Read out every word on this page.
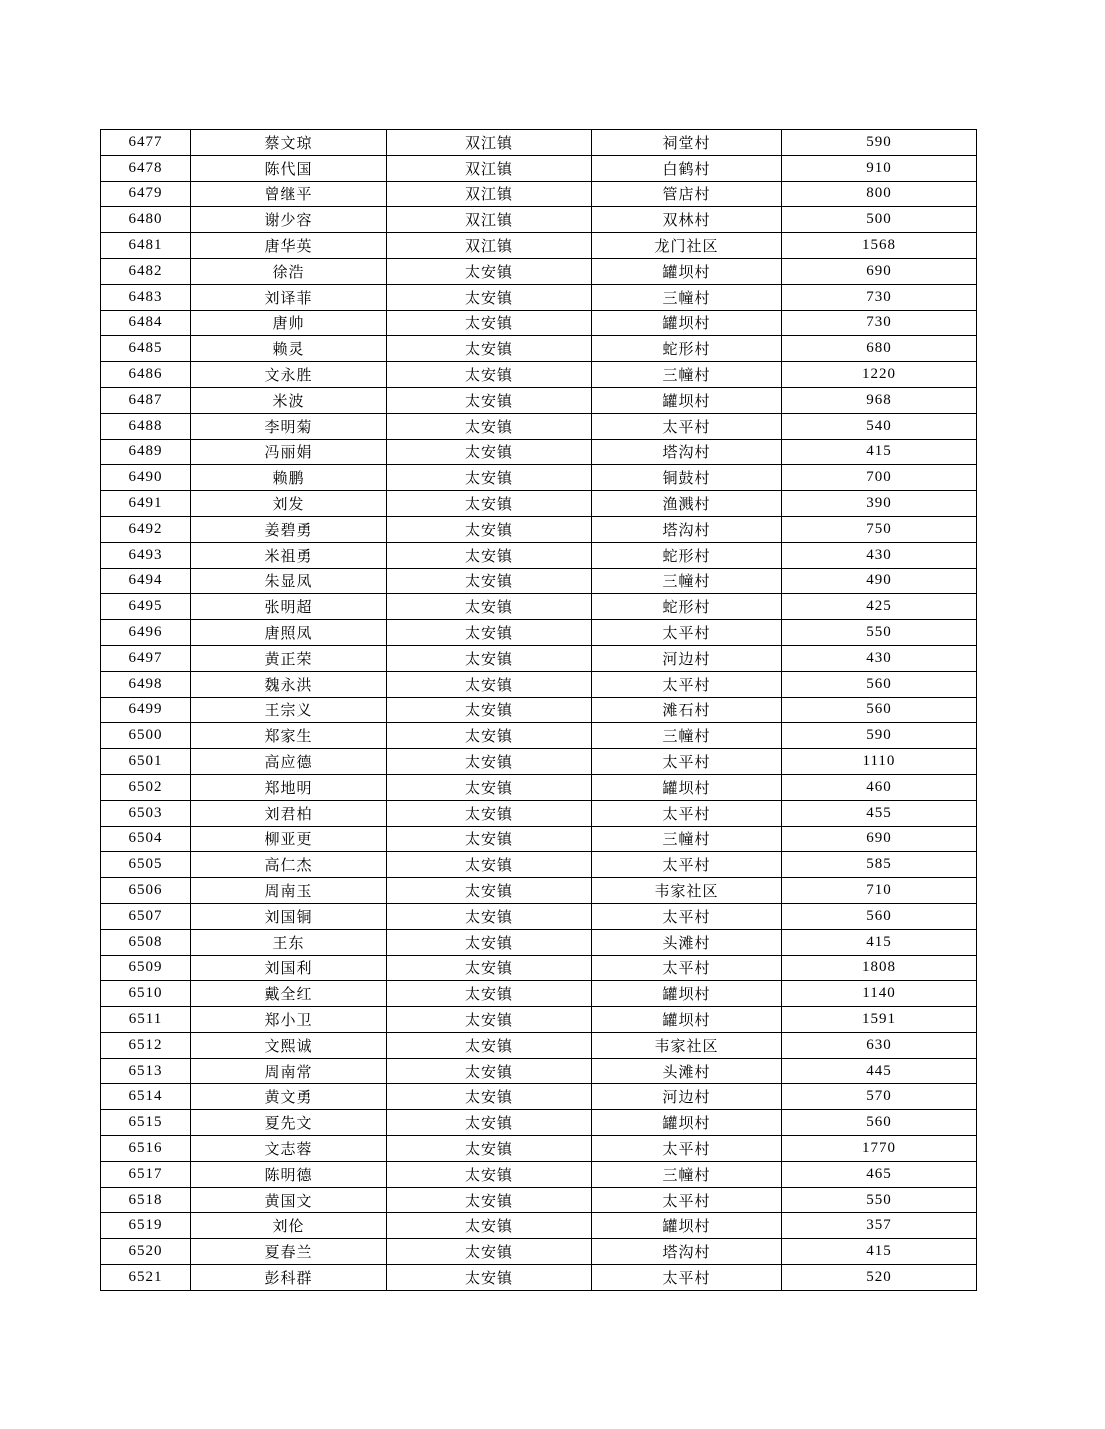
6477	蔡文琼	双江镇	祠堂村	590
6478	陈代国	双江镇	白鹤村	910
6479	曾继平	双江镇	管店村	800
6480	谢少容	双江镇	双林村	500
6481	唐华英	双江镇	龙门社区	1568
6482	徐浩	太安镇	罐坝村	690
6483	刘译菲	太安镇	三幢村	730
6484	唐帅	太安镇	罐坝村	730
6485	赖灵	太安镇	蛇形村	680
6486	文永胜	太安镇	三幢村	1220
6487	米波	太安镇	罐坝村	968
6488	李明菊	太安镇	太平村	540
6489	冯丽娟	太安镇	塔沟村	415
6490	赖鹏	太安镇	铜鼓村	700
6491	刘发	太安镇	渔溅村	390
6492	姜碧勇	太安镇	塔沟村	750
6493	米祖勇	太安镇	蛇形村	430
6494	朱显凤	太安镇	三幢村	490
6495	张明超	太安镇	蛇形村	425
6496	唐照凤	太安镇	太平村	550
6497	黄正荣	太安镇	河边村	430
6498	魏永洪	太安镇	太平村	560
6499	王宗义	太安镇	滩石村	560
6500	郑家生	太安镇	三幢村	590
6501	高应德	太安镇	太平村	1110
6502	郑地明	太安镇	罐坝村	460
6503	刘君柏	太安镇	太平村	455
6504	柳亚更	太安镇	三幢村	690
6505	高仁杰	太安镇	太平村	585
6506	周南玉	太安镇	韦家社区	710
6507	刘国铜	太安镇	太平村	560
6508	王东	太安镇	头滩村	415
6509	刘国利	太安镇	太平村	1808
6510	戴全红	太安镇	罐坝村	1140
6511	郑小卫	太安镇	罐坝村	1591
6512	文熙诚	太安镇	韦家社区	630
6513	周南常	太安镇	头滩村	445
6514	黄文勇	太安镇	河边村	570
6515	夏先文	太安镇	罐坝村	560
6516	文志蓉	太安镇	太平村	1770
6517	陈明德	太安镇	三幢村	465
6518	黄国文	太安镇	太平村	550
6519	刘伦	太安镇	罐坝村	357
6520	夏春兰	太安镇	塔沟村	415
6521	彭科群	太安镇	太平村	520
